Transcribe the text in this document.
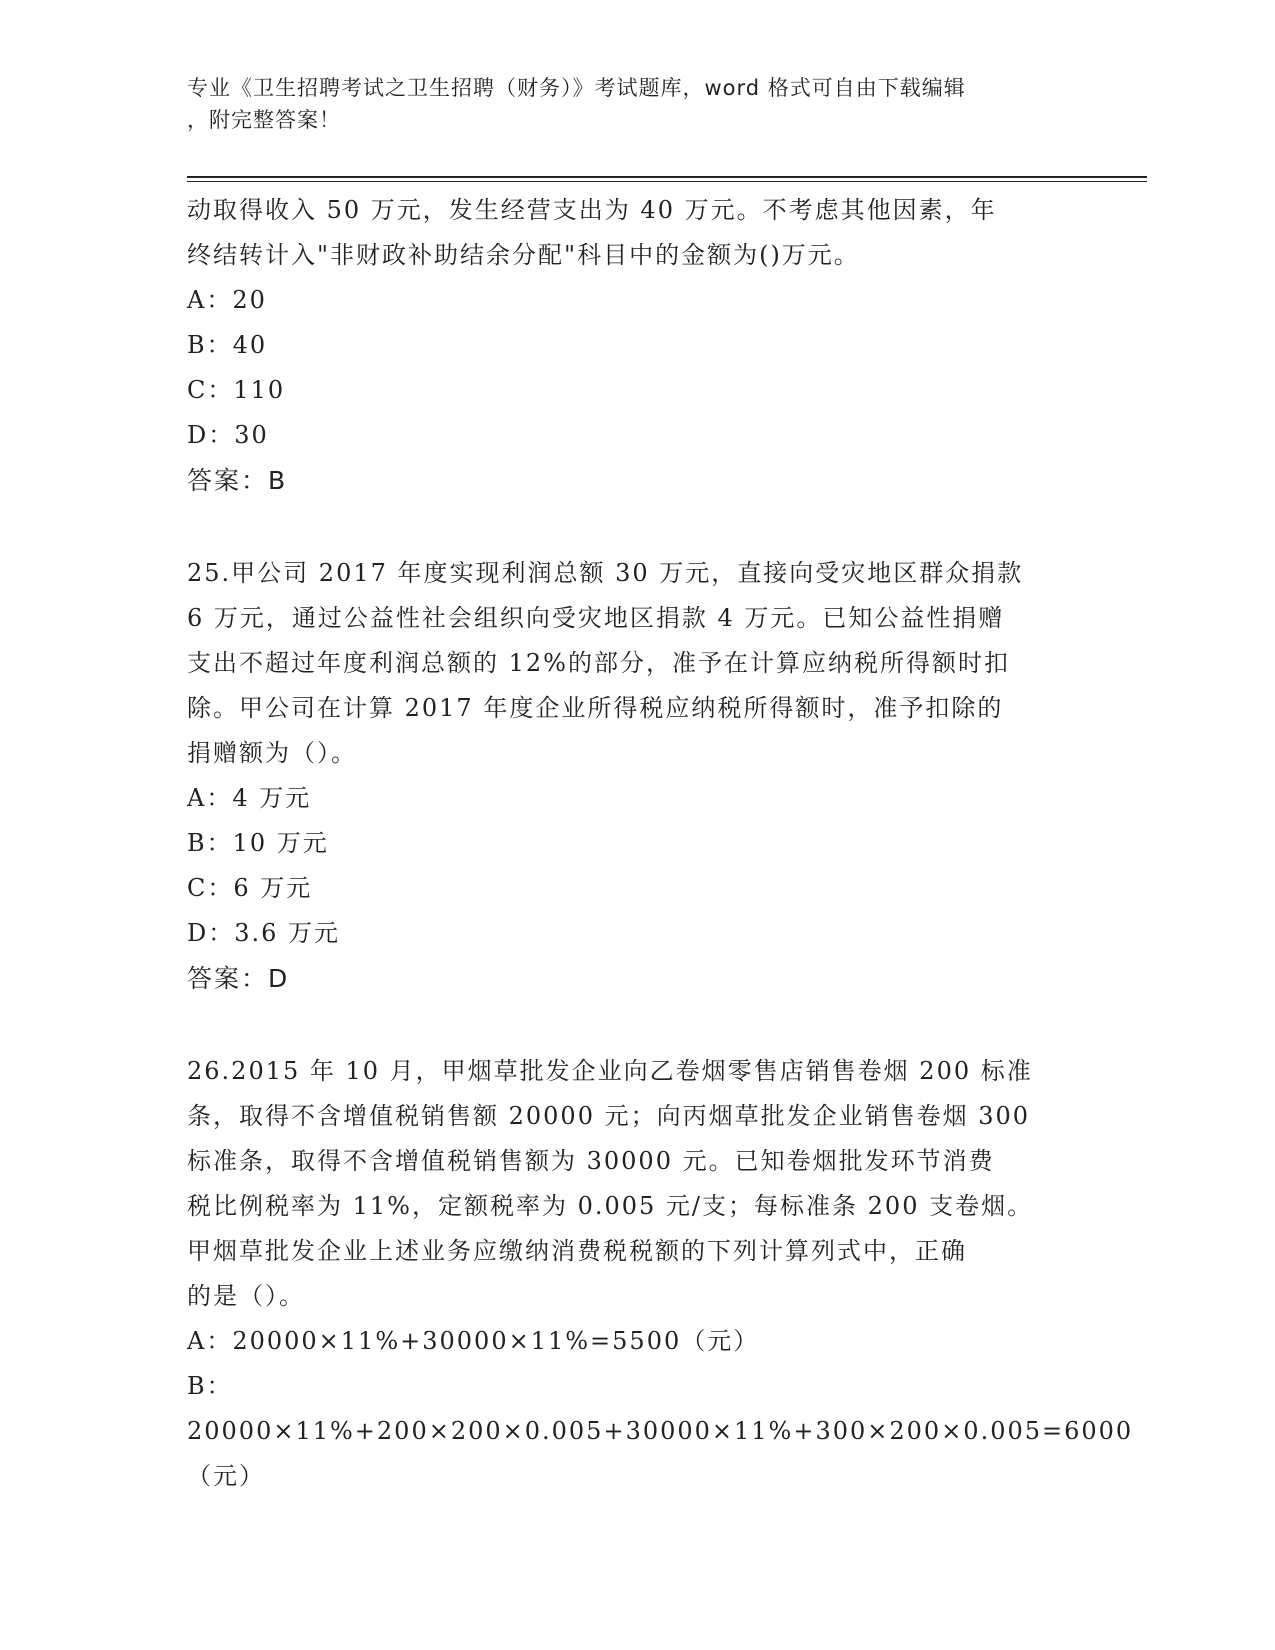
专业《卫生招聘考试之卫生招聘（财务）》考试题库，word 格式可自由下载编辑
，附完整答案！

动取得收入 50 万元，发生经营支出为 40 万元。不考虑其他因素，年

终结转计入"非财政补助结余分配"科目中的金额为()万元。

A：20

B：40

C：110

D：30

答案：B

25.甲公司 2017 年度实现利润总额 30 万元，直接向受灾地区群众捐款

6 万元，通过公益性社会组织向受灾地区捐款 4 万元。已知公益性捐赠

支出不超过年度利润总额的 12%的部分，准予在计算应纳税所得额时扣

除。甲公司在计算 2017 年度企业所得税应纳税所得额时，准予扣除的

捐赠额为（）。

A：4 万元

B：10 万元

C：6 万元

D：3.6 万元

答案：D

26.2015 年 10 月，甲烟草批发企业向乙卷烟零售店销售卷烟 200 标准

条，取得不含增值税销售额 20000 元；向丙烟草批发企业销售卷烟 300

标准条，取得不含增值税销售额为 30000 元。已知卷烟批发环节消费

税比例税率为 11%，定额税率为 0.005 元/支；每标准条 200 支卷烟。

甲烟草批发企业上述业务应缴纳消费税税额的下列计算列式中，正确

的是（）。

A：20000×11%+30000×11%=5500（元）

B：20000×11%+200×200×0.005+30000×11%+300×200×0.005=6000

（元）
